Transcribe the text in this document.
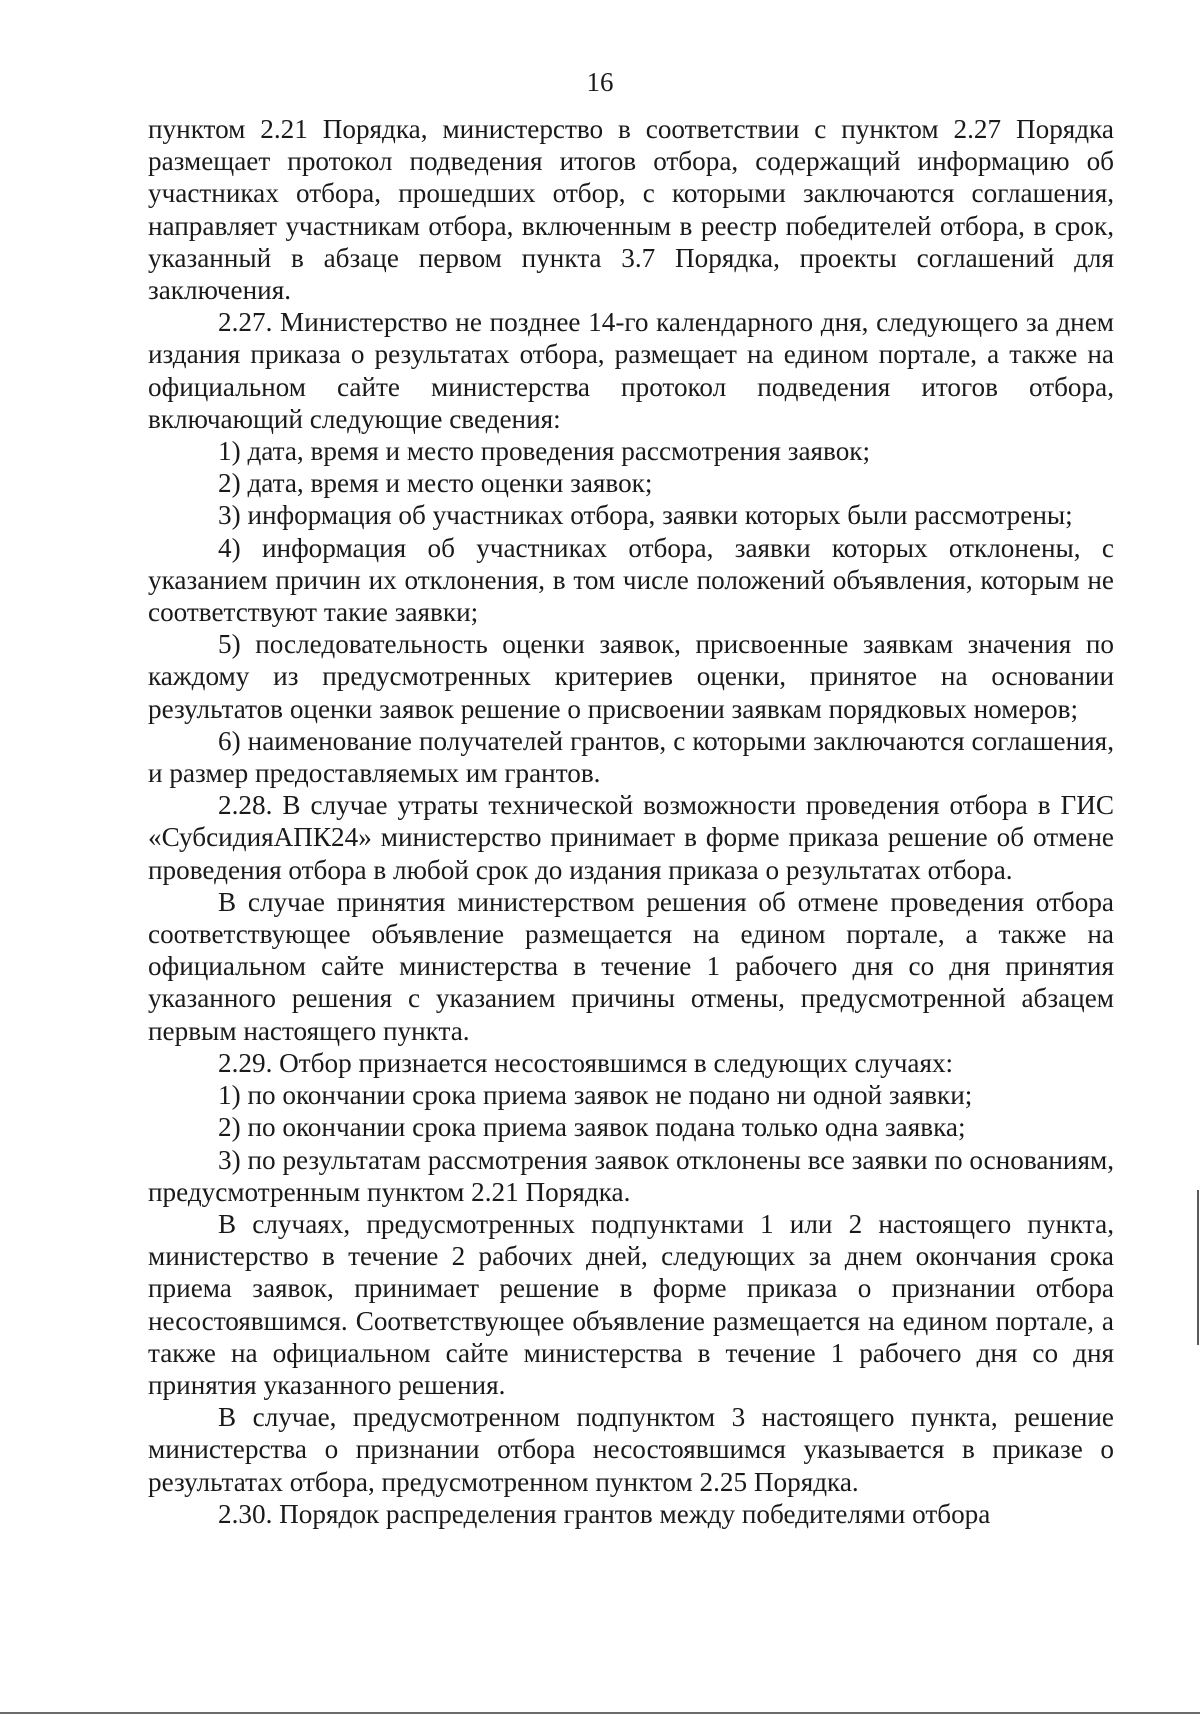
16

пунктом 2.21 Порядка, министерство в соответствии с пунктом 2.27 Порядка размещает протокол подведения итогов отбора, содержащий информацию об участниках отбора, прошедших отбор, с которыми заключаются соглашения, направляет участникам отбора, включенным в реестр победителей отбора, в срок, указанный в абзаце первом пункта 3.7 Порядка, проекты соглашений для заключения.

2.27. Министерство не позднее 14-го календарного дня, следующего за днем издания приказа о результатах отбора, размещает на едином портале, а также на официальном сайте министерства протокол подведения итогов отбора, включающий следующие сведения:

1) дата, время и место проведения рассмотрения заявок;

2) дата, время и место оценки заявок;

3) информация об участниках отбора, заявки которых были рассмотрены;

4) информация об участниках отбора, заявки которых отклонены, с указанием причин их отклонения, в том числе положений объявления, которым не соответствуют такие заявки;

5) последовательность оценки заявок, присвоенные заявкам значения по каждому из предусмотренных критериев оценки, принятое на основании результатов оценки заявок решение о присвоении заявкам порядковых номеров;

6) наименование получателей грантов, с которыми заключаются соглашения, и размер предоставляемых им грантов.

2.28. В случае утраты технической возможности проведения отбора в ГИС «СубсидияАПК24» министерство принимает в форме приказа решение об отмене проведения отбора в любой срок до издания приказа о результатах отбора.

В случае принятия министерством решения об отмене проведения отбора соответствующее объявление размещается на едином портале, а также на официальном сайте министерства в течение 1 рабочего дня со дня принятия указанного решения с указанием причины отмены, предусмотренной абзацем первым настоящего пункта.

2.29. Отбор признается несостоявшимся в следующих случаях:

1) по окончании срока приема заявок не подано ни одной заявки;

2) по окончании срока приема заявок подана только одна заявка;

3) по результатам рассмотрения заявок отклонены все заявки по основаниям, предусмотренным пунктом 2.21 Порядка.

В случаях, предусмотренных подпунктами 1 или 2 настоящего пункта, министерство в течение 2 рабочих дней, следующих за днем окончания срока приема заявок, принимает решение в форме приказа о признании отбора несостоявшимся. Соответствующее объявление размещается на едином портале, а также на официальном сайте министерства в течение 1 рабочего дня со дня принятия указанного решения.

В случае, предусмотренном подпунктом 3 настоящего пункта, решение министерства о признании отбора несостоявшимся указывается в приказе о результатах отбора, предусмотренном пунктом 2.25 Порядка.

2.30. Порядок распределения грантов между победителями отбора
